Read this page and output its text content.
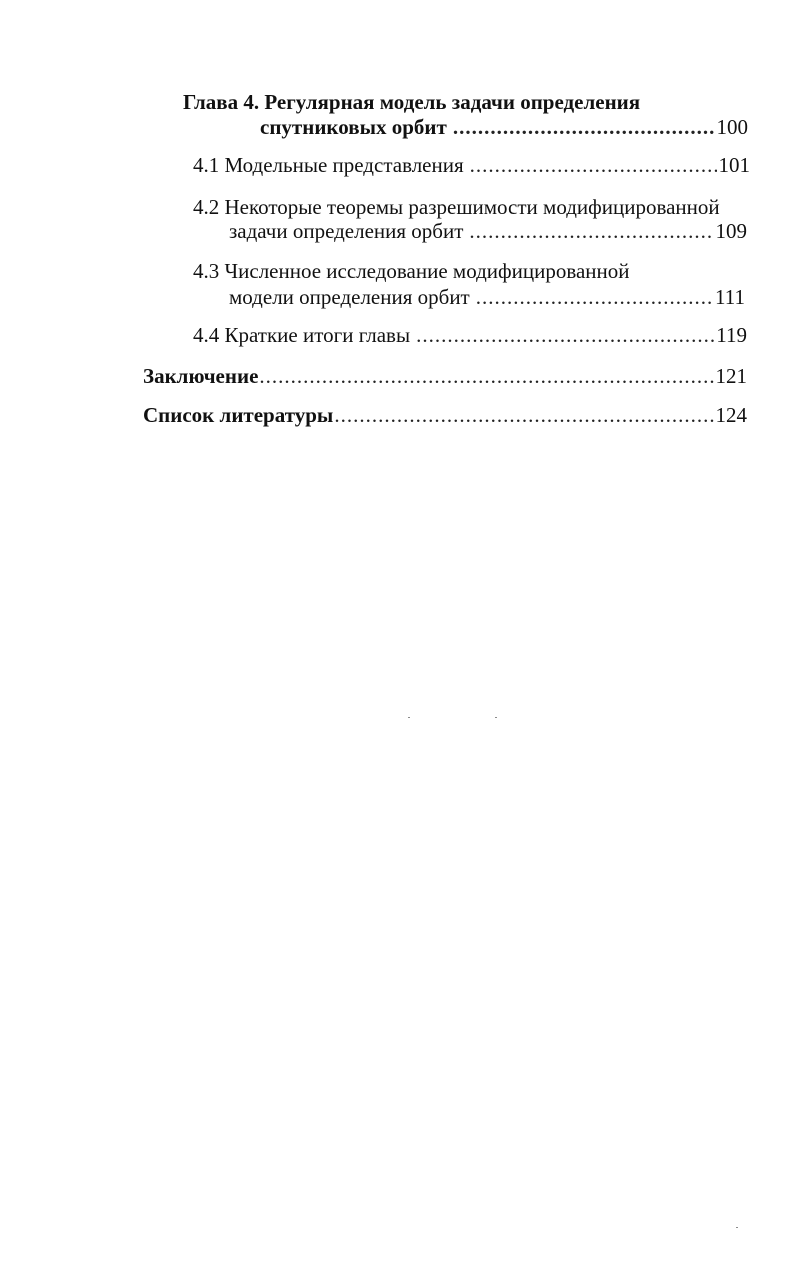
Глава 4. Регулярная модель задачи определения
спутниковых орбит .....	100
4.1 Модельные представления .....	101
4.2 Некоторые теоремы разрешимости модифицированной
задачи определения орбит .....	109
4.3 Численное исследование модифицированной
модели определения орбит .....	111
4.4 Краткие итоги главы .....	119
Заключение .....	121
Список литературы .....	124
